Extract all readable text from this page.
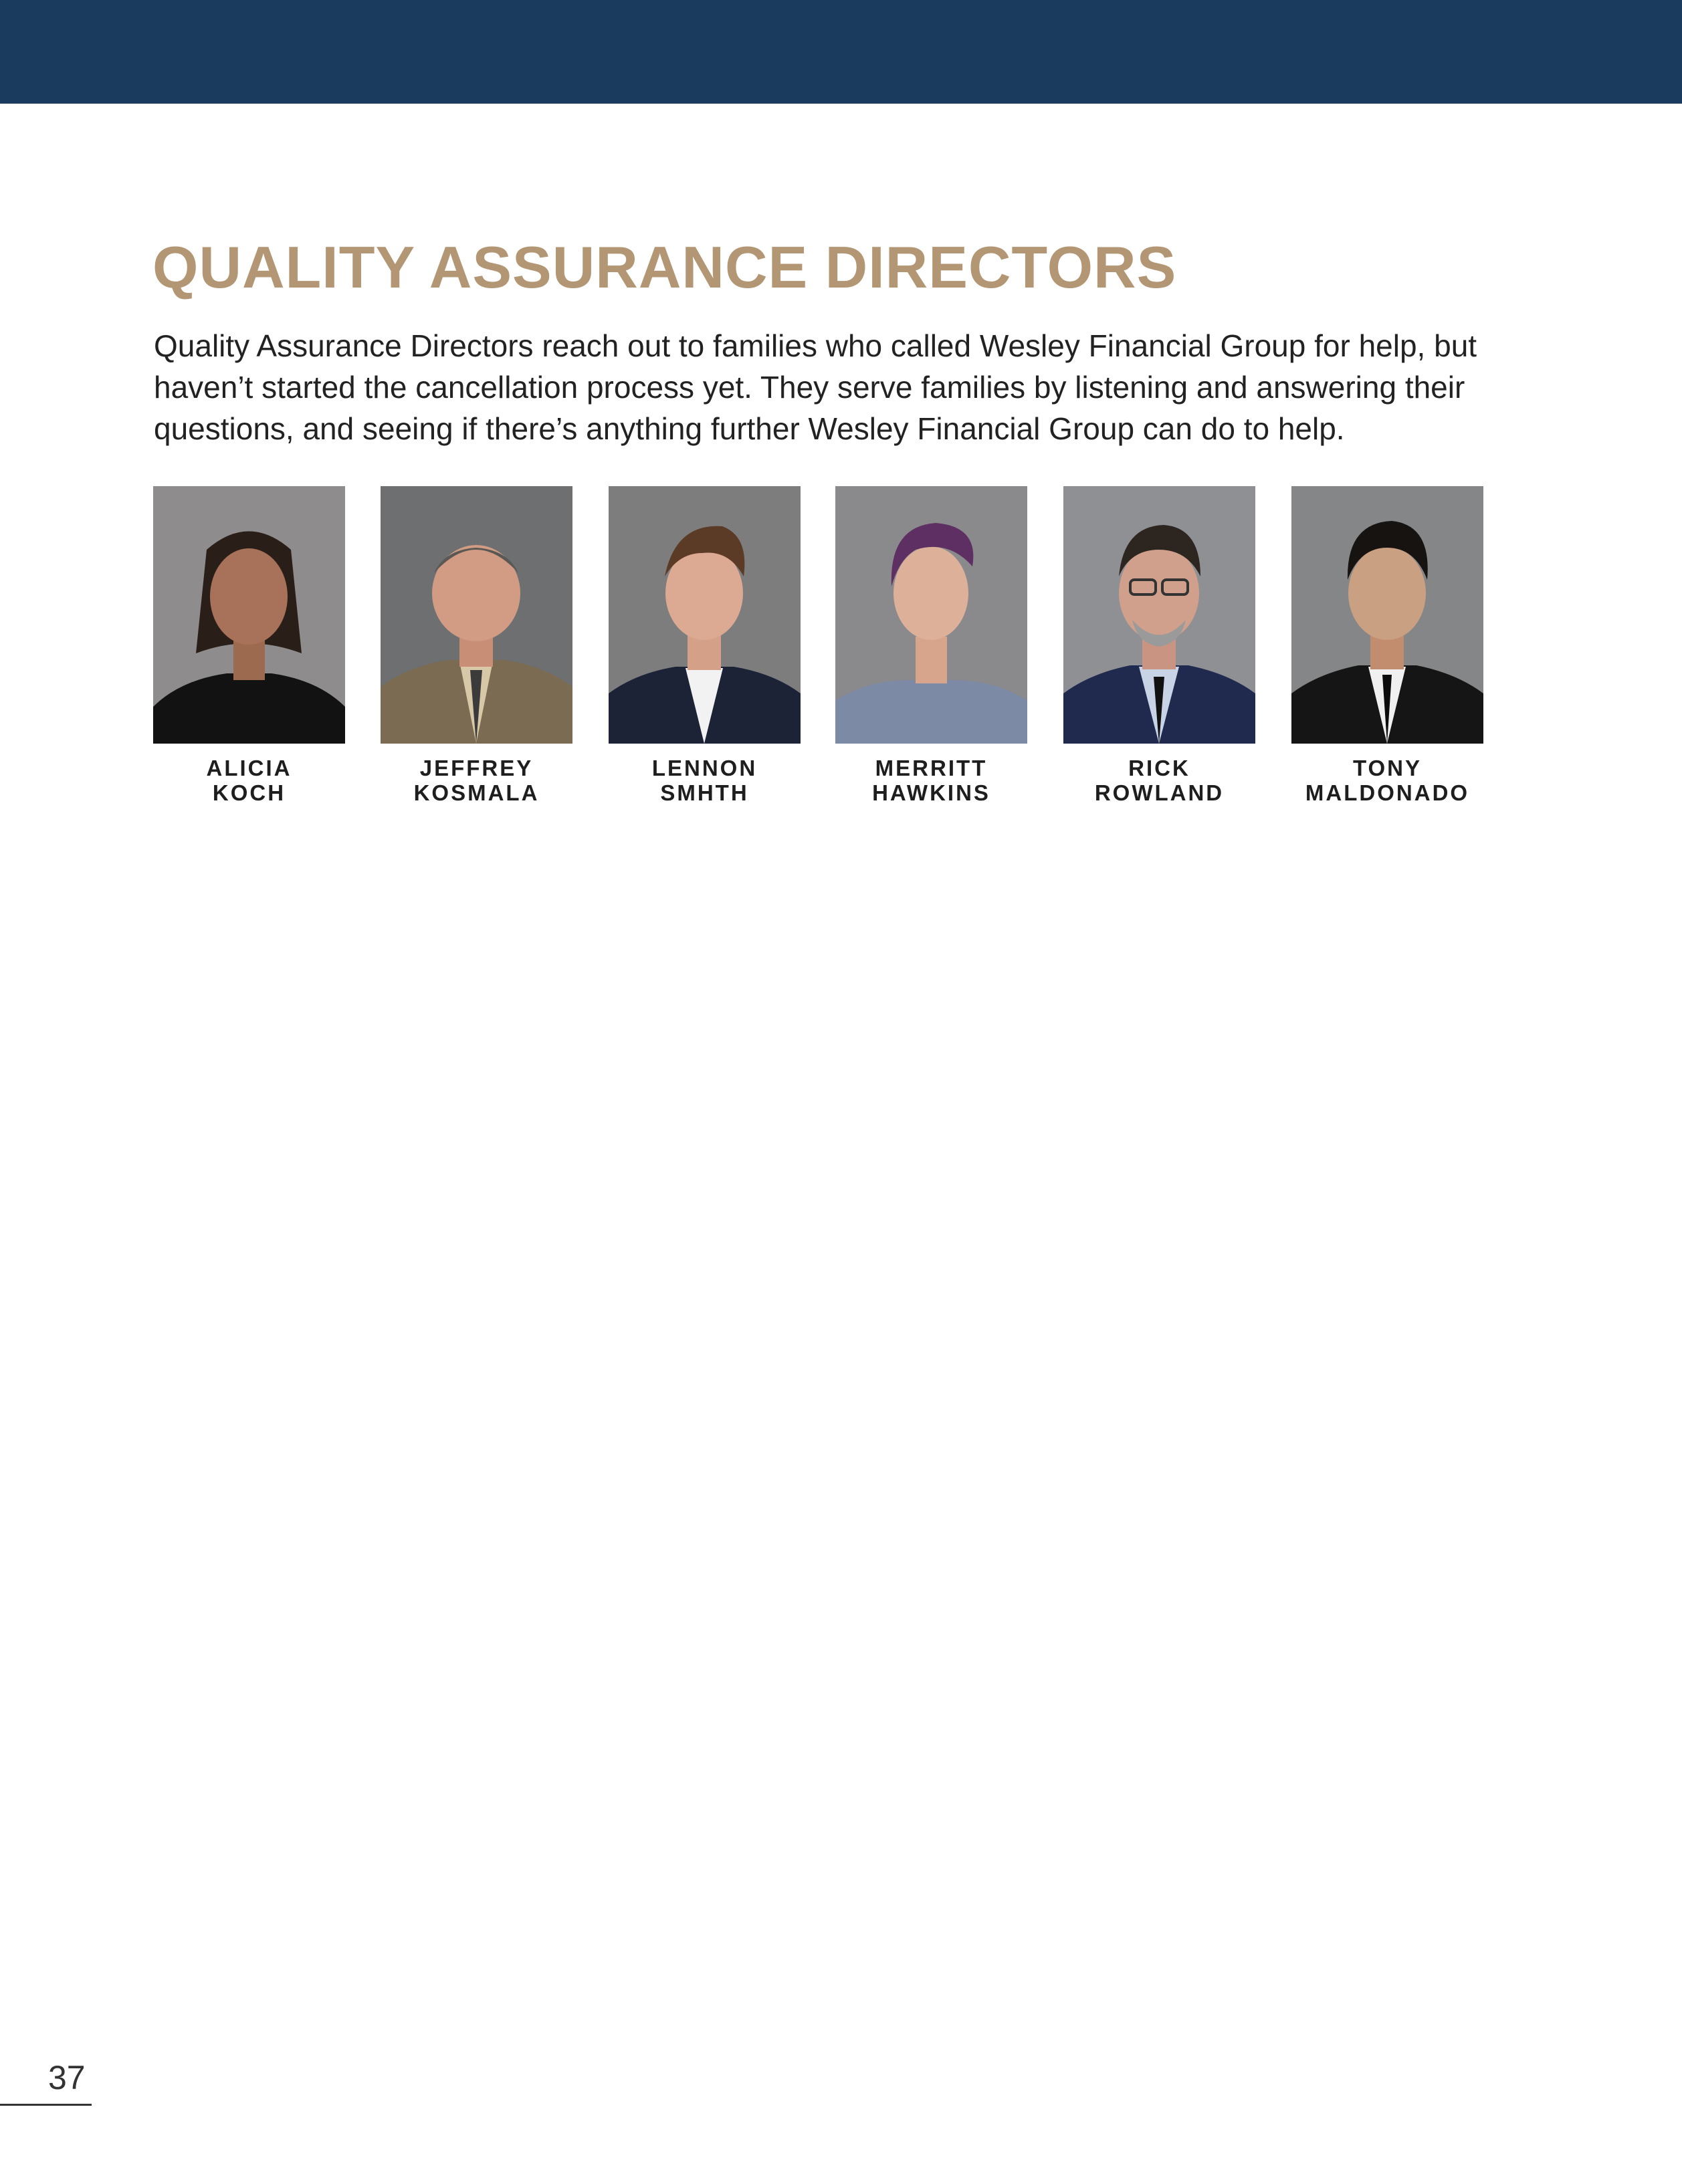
QUALITY ASSURANCE DIRECTORS

Quality Assurance Directors reach out to families who called Wesley Financial Group for help, but haven’t started the cancellation process yet. They serve families by listening and answering their questions, and seeing if there’s anything further Wesley Financial Group can do to help.

ALICIA
KOCH
JEFFREY
KOSMALA
LENNON
SMHTH
MERRITT
HAWKINS
RICK
ROWLAND
TONY
MALDONADO
37
